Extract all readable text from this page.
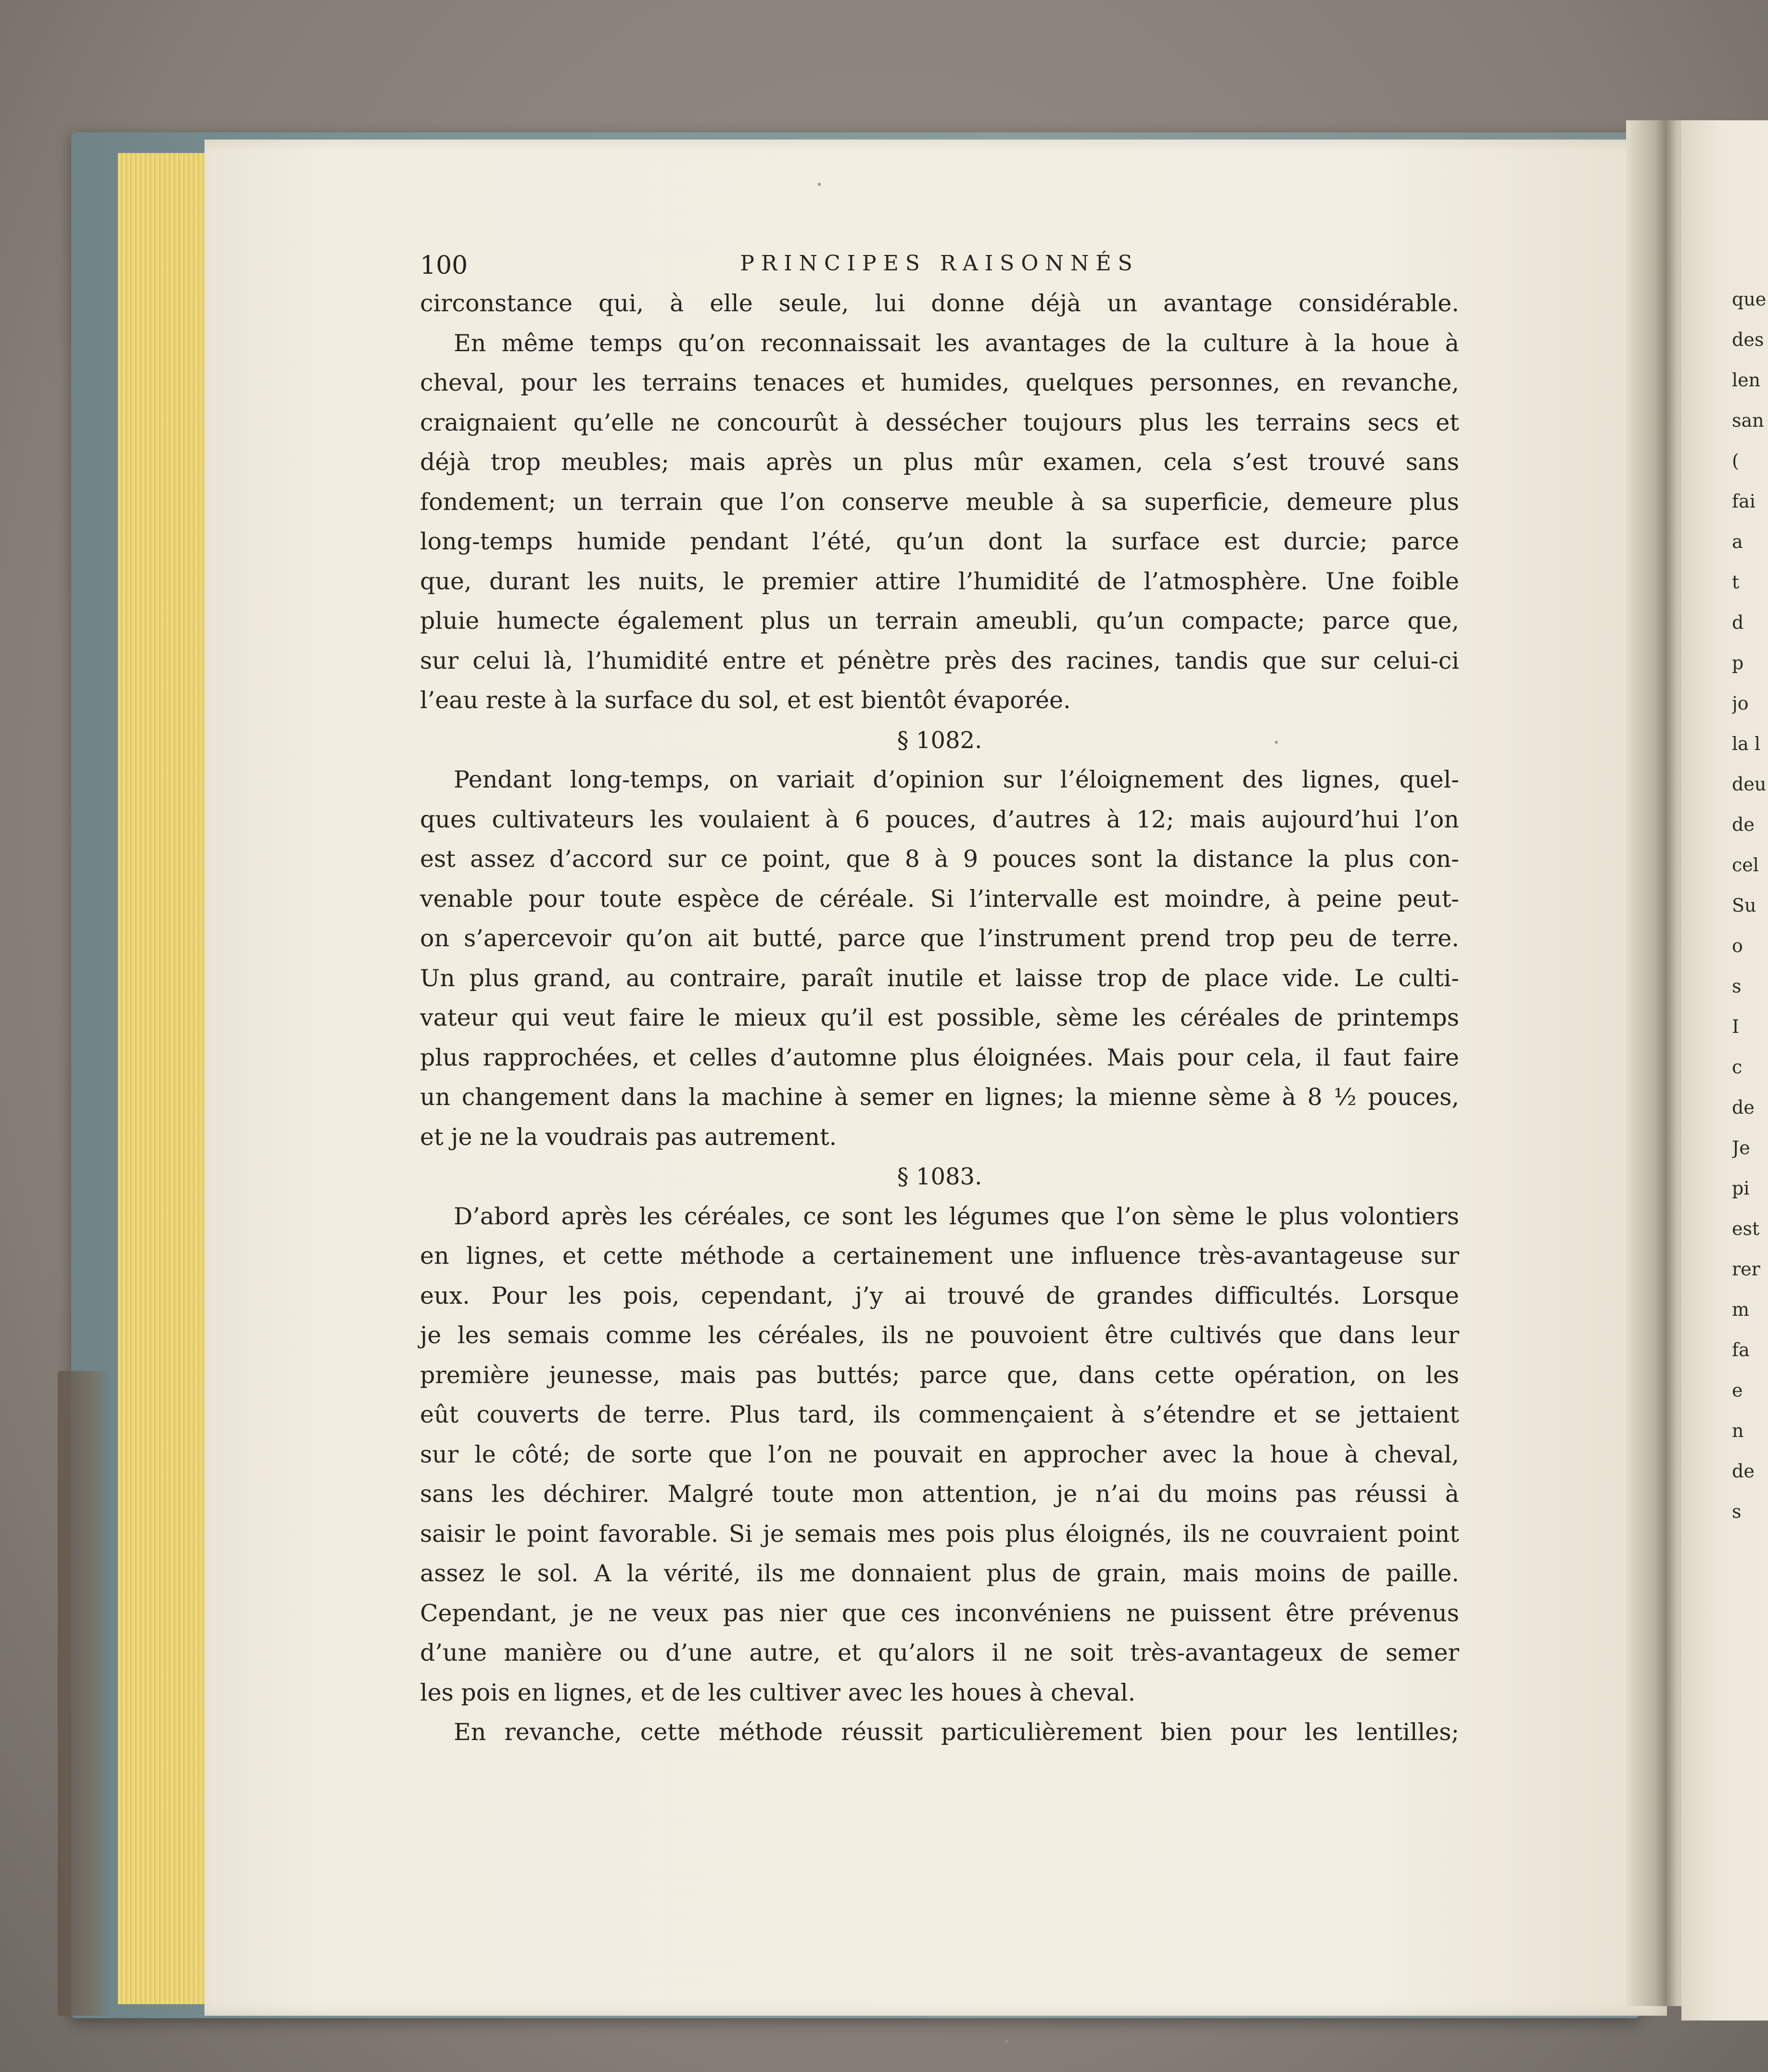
que
des
len
san
(
fai
a
t
d
p
jo
la l
deu
de
cel
Su
o
s
I
c
de
Je
pi
est
rer
m
fa
e
n
de
s
100	PRINCIPES RAISONNÉS
circonstance qui, à elle seule, lui donne déjà un avantage considérable.
En même temps qu’on reconnaissait les avantages de la culture à la houe à
cheval, pour les terrains tenaces et humides, quelques personnes, en revanche,
craignaient qu’elle ne concourût à dessécher toujours plus les terrains secs et
déjà trop meubles; mais après un plus mûr examen, cela s’est trouvé sans
fondement; un terrain que l’on conserve meuble à sa superficie, demeure plus
long-temps humide pendant l’été, qu’un dont la surface est durcie; parce
que, durant les nuits, le premier attire l’humidité de l’atmosphère. Une foible
pluie humecte également plus un terrain ameubli, qu’un compacte; parce que,
sur celui là, l’humidité entre et pénètre près des racines, tandis que sur celui-ci
l’eau reste à la surface du sol, et est bientôt évaporée.
§ 1082.
Pendant long-temps, on variait d’opinion sur l’éloignement des lignes, quel-
ques cultivateurs les voulaient à 6 pouces, d’autres à 12; mais aujourd’hui l’on
est assez d’accord sur ce point, que 8 à 9 pouces sont la distance la plus con-
venable pour toute espèce de céréale. Si l’intervalle est moindre, à peine peut-
on s’apercevoir qu’on ait butté, parce que l’instrument prend trop peu de terre.
Un plus grand, au contraire, paraît inutile et laisse trop de place vide. Le culti-
vateur qui veut faire le mieux qu’il est possible, sème les céréales de printemps
plus rapprochées, et celles d’automne plus éloignées. Mais pour cela, il faut faire
un changement dans la machine à semer en lignes; la mienne sème à 8 ½ pouces,
et je ne la voudrais pas autrement.
§ 1083.
D’abord après les céréales, ce sont les légumes que l’on sème le plus volontiers
en lignes, et cette méthode a certainement une influence très-avantageuse sur
eux. Pour les pois, cependant, j’y ai trouvé de grandes difficultés. Lorsque
je les semais comme les céréales, ils ne pouvoient être cultivés que dans leur
première jeunesse, mais pas buttés; parce que, dans cette opération, on les
eût couverts de terre. Plus tard, ils commençaient à s’étendre et se jettaient
sur le côté; de sorte que l’on ne pouvait en approcher avec la houe à cheval,
sans les déchirer. Malgré toute mon attention, je n’ai du moins pas réussi à
saisir le point favorable. Si je semais mes pois plus éloignés, ils ne couvraient point
assez le sol. A la vérité, ils me donnaient plus de grain, mais moins de paille.
Cependant, je ne veux pas nier que ces inconvéniens ne puissent être prévenus
d’une manière ou d’une autre, et qu’alors il ne soit très-avantageux de semer
les pois en lignes, et de les cultiver avec les houes à cheval.
En revanche, cette méthode réussit particulièrement bien pour les lentilles;
